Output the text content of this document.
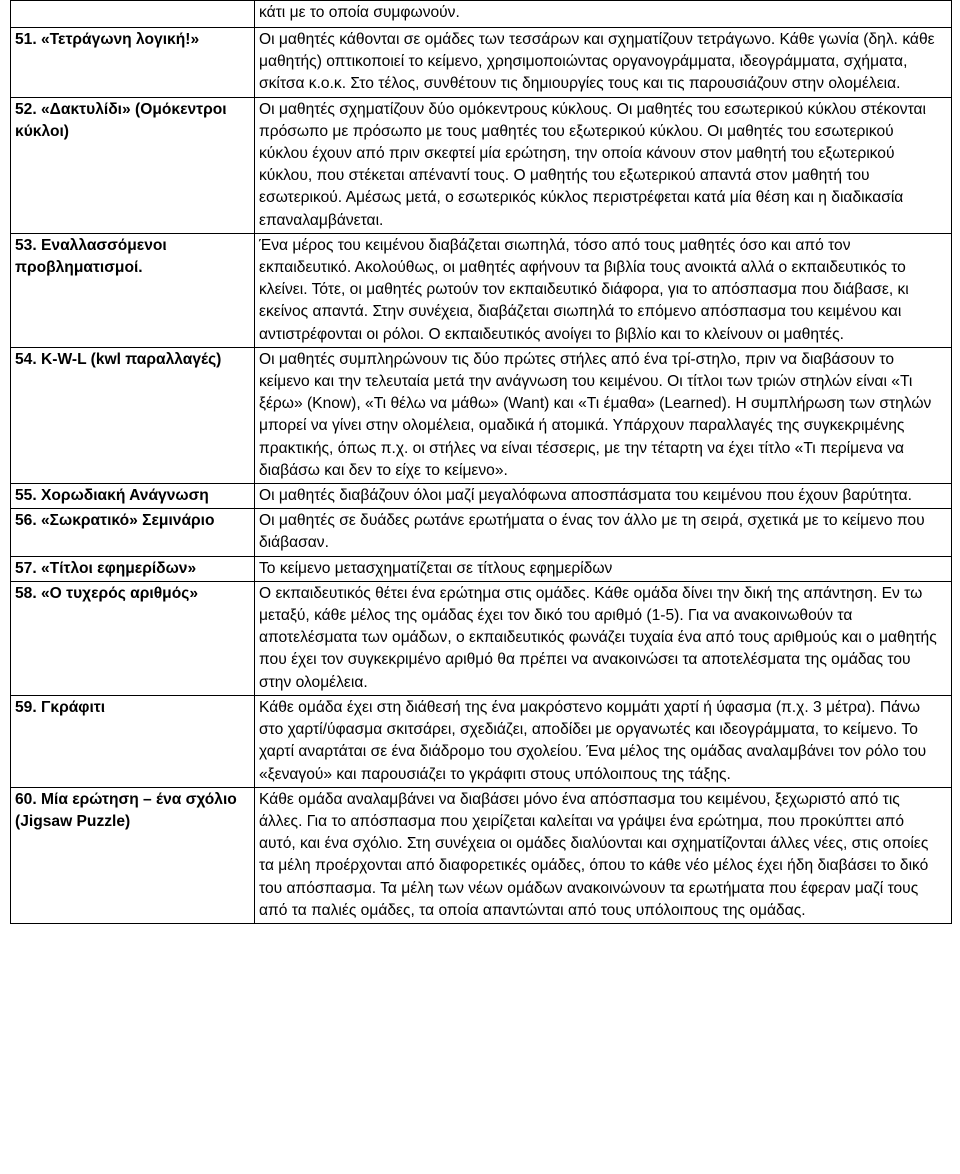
	κάτι με το οποία συμφωνούν.

51. «Τετράγωνη λογική!»	Οι μαθητές κάθονται σε ομάδες των τεσσάρων και σχηματίζουν τετράγωνο. Κάθε γωνία (δηλ. κάθε μαθητής) οπτικοποιεί το κείμενο, χρησιμοποιώντας οργανογράμματα, ιδεογράμματα, σχήματα, σκίτσα κ.ο.κ. Στο τέλος, συνθέτουν τις δημιουργίες τους και τις παρουσιάζουν στην ολομέλεια.
52. «Δακτυλίδι» (Ομόκεντροι κύκλοι)	Οι μαθητές σχηματίζουν δύο ομόκεντρους κύκλους. Οι μαθητές του εσωτερικού κύκλου στέκονται πρόσωπο με πρόσωπο με τους μαθητές του εξωτερικού κύκλου. Οι μαθητές του εσωτερικού κύκλου έχουν από πριν σκεφτεί μία ερώτηση, την οποία κάνουν στον μαθητή του εξωτερικού κύκλου, που στέκεται απέναντί τους. Ο μαθητής του εξωτερικού απαντά στον μαθητή του εσωτερικού. Αμέσως μετά, ο εσωτερικός κύκλος περιστρέφεται κατά μία θέση και η διαδικασία επαναλαμβάνεται.
53. Εναλλασσόμενοι προβληματισμοί.	Ένα μέρος του κειμένου διαβάζεται σιωπηλά, τόσο από τους μαθητές όσο και από τον εκπαιδευτικό. Ακολούθως, οι μαθητές αφήνουν τα βιβλία τους ανοικτά αλλά ο εκπαιδευτικός το κλείνει. Τότε, οι μαθητές ρωτούν τον εκπαιδευτικό διάφορα, για το απόσπασμα που διάβασε, κι εκείνος απαντά. Στην συνέχεια, διαβάζεται σιωπηλά το επόμενο απόσπασμα του κειμένου και αντιστρέφονται οι ρόλοι. Ο εκπαιδευτικός ανοίγει το βιβλίο και το κλείνουν οι μαθητές.
54. K-W-L (kwl παραλλαγές)	Οι μαθητές συμπληρώνουν τις δύο πρώτες στήλες από ένα τρί-στηλο, πριν να διαβάσουν το κείμενο και την τελευταία μετά την ανάγνωση του κειμένου. Οι τίτλοι των τριών στηλών είναι «Τι ξέρω» (Know), «Τι θέλω να μάθω» (Want) και «Τι έμαθα» (Learned). Η συμπλήρωση των στηλών μπορεί να γίνει στην ολομέλεια, ομαδικά ή ατομικά. Υπάρχουν παραλλαγές της συγκεκριμένης πρακτικής, όπως π.χ. οι στήλες να είναι τέσσερις, με την τέταρτη να έχει τίτλο «Τι περίμενα να διαβάσω και δεν το είχε το κείμενο».
55. Χορωδιακή Ανάγνωση	Οι μαθητές διαβάζουν όλοι μαζί μεγαλόφωνα αποσπάσματα του κειμένου που έχουν βαρύτητα.
56. «Σωκρατικό» Σεμινάριο	Οι μαθητές σε δυάδες ρωτάνε ερωτήματα ο ένας τον άλλο με τη σειρά, σχετικά με το κείμενο που διάβασαν.
57. «Τίτλοι εφημερίδων»	Το κείμενο μετασχηματίζεται σε τίτλους εφημερίδων
58. «Ο τυχερός αριθμός»	Ο εκπαιδευτικός θέτει ένα ερώτημα στις ομάδες. Κάθε ομάδα δίνει την δική της απάντηση. Εν τω μεταξύ, κάθε μέλος της ομάδας έχει τον δικό του αριθμό (1-5). Για να ανακοινωθούν τα αποτελέσματα των ομάδων, ο εκπαιδευτικός φωνάζει τυχαία ένα από τους αριθμούς και ο μαθητής που έχει τον συγκεκριμένο αριθμό θα πρέπει να ανακοινώσει τα αποτελέσματα της ομάδας του στην ολομέλεια.
59. Γκράφιτι	Κάθε ομάδα έχει στη διάθεσή της ένα μακρόστενο κομμάτι χαρτί ή ύφασμα (π.χ. 3 μέτρα). Πάνω στο χαρτί/ύφασμα σκιτσάρει, σχεδιάζει, αποδίδει με οργανωτές και ιδεογράμματα, το κείμενο. Το χαρτί αναρτάται σε ένα διάδρομο του σχολείου. Ένα μέλος της ομάδας αναλαμβάνει τον ρόλο του «ξεναγού» και παρουσιάζει το γκράφιτι στους υπόλοιπους της τάξης.
60. Μία ερώτηση – ένα σχόλιο (Jigsaw Puzzle)	Κάθε ομάδα αναλαμβάνει να διαβάσει μόνο ένα απόσπασμα του κειμένου, ξεχωριστό από τις άλλες. Για το απόσπασμα που χειρίζεται καλείται να γράψει ένα ερώτημα, που προκύπτει από αυτό, και ένα σχόλιο. Στη συνέχεια οι ομάδες διαλύονται και σχηματίζονται άλλες νέες, στις οποίες τα μέλη προέρχονται από διαφορετικές ομάδες, όπου το κάθε νέο μέλος έχει ήδη διαβάσει το δικό του απόσπασμα. Τα μέλη των νέων ομάδων ανακοινώνουν τα ερωτήματα που έφεραν μαζί τους από τα παλιές ομάδες, τα οποία απαντώνται από τους υπόλοιπους της ομάδας.
